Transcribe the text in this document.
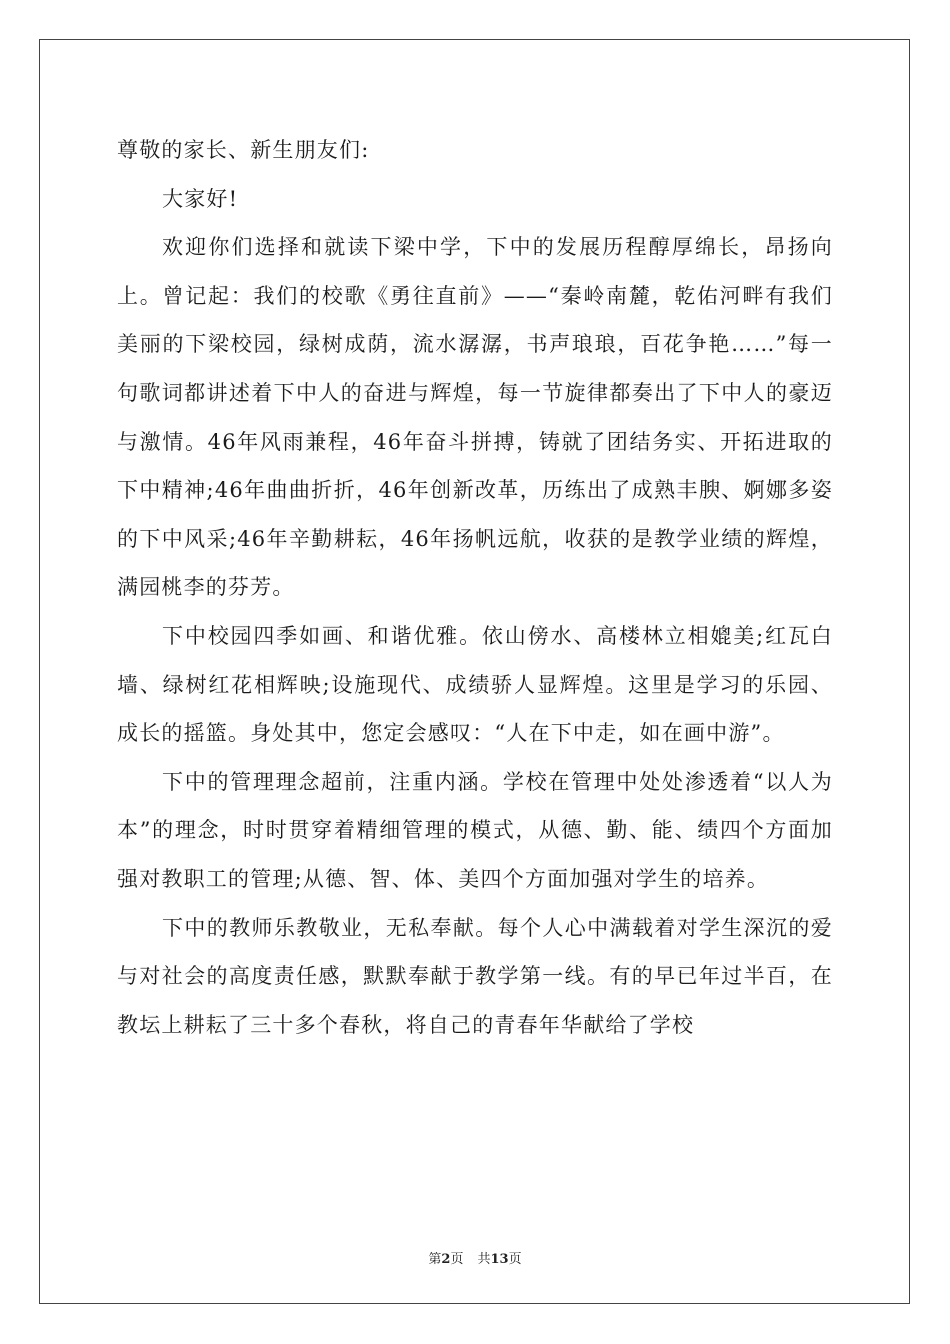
尊敬的家长、新生朋友们:

大家好!

欢迎你们选择和就读下梁中学，下中的发展历程醇厚绵长，昂扬向上。曾记起：我们的校歌《勇往直前》——“秦岭南麓，乾佑河畔有我们美丽的下梁校园，绿树成荫，流水潺潺，书声琅琅，百花争艳……”每一句歌词都讲述着下中人的奋进与辉煌，每一节旋律都奏出了下中人的豪迈与激情。46年风雨兼程，46年奋斗拼搏，铸就了团结务实、开拓进取的下中精神;46年曲曲折折，46年创新改革，历练出了成熟丰腴、婀娜多姿的下中风采;46年辛勤耕耘，46年扬帆远航，收获的是教学业绩的辉煌，满园桃李的芬芳。

下中校园四季如画、和谐优雅。依山傍水、高楼林立相媲美;红瓦白墙、绿树红花相辉映;设施现代、成绩骄人显辉煌。这里是学习的乐园、成长的摇篮。身处其中，您定会感叹：“人在下中走，如在画中游”。

下中的管理理念超前，注重内涵。学校在管理中处处渗透着“以人为本”的理念，时时贯穿着精细管理的模式，从德、勤、能、绩四个方面加强对教职工的管理;从德、智、体、美四个方面加强对学生的培养。

下中的教师乐教敬业，无私奉献。每个人心中满载着对学生深沉的爱与对社会的高度责任感，默默奉献于教学第一线。有的早已年过半百，在教坛上耕耘了三十多个春秋，将自己的青春年华献给了学校

第2页 共13页
